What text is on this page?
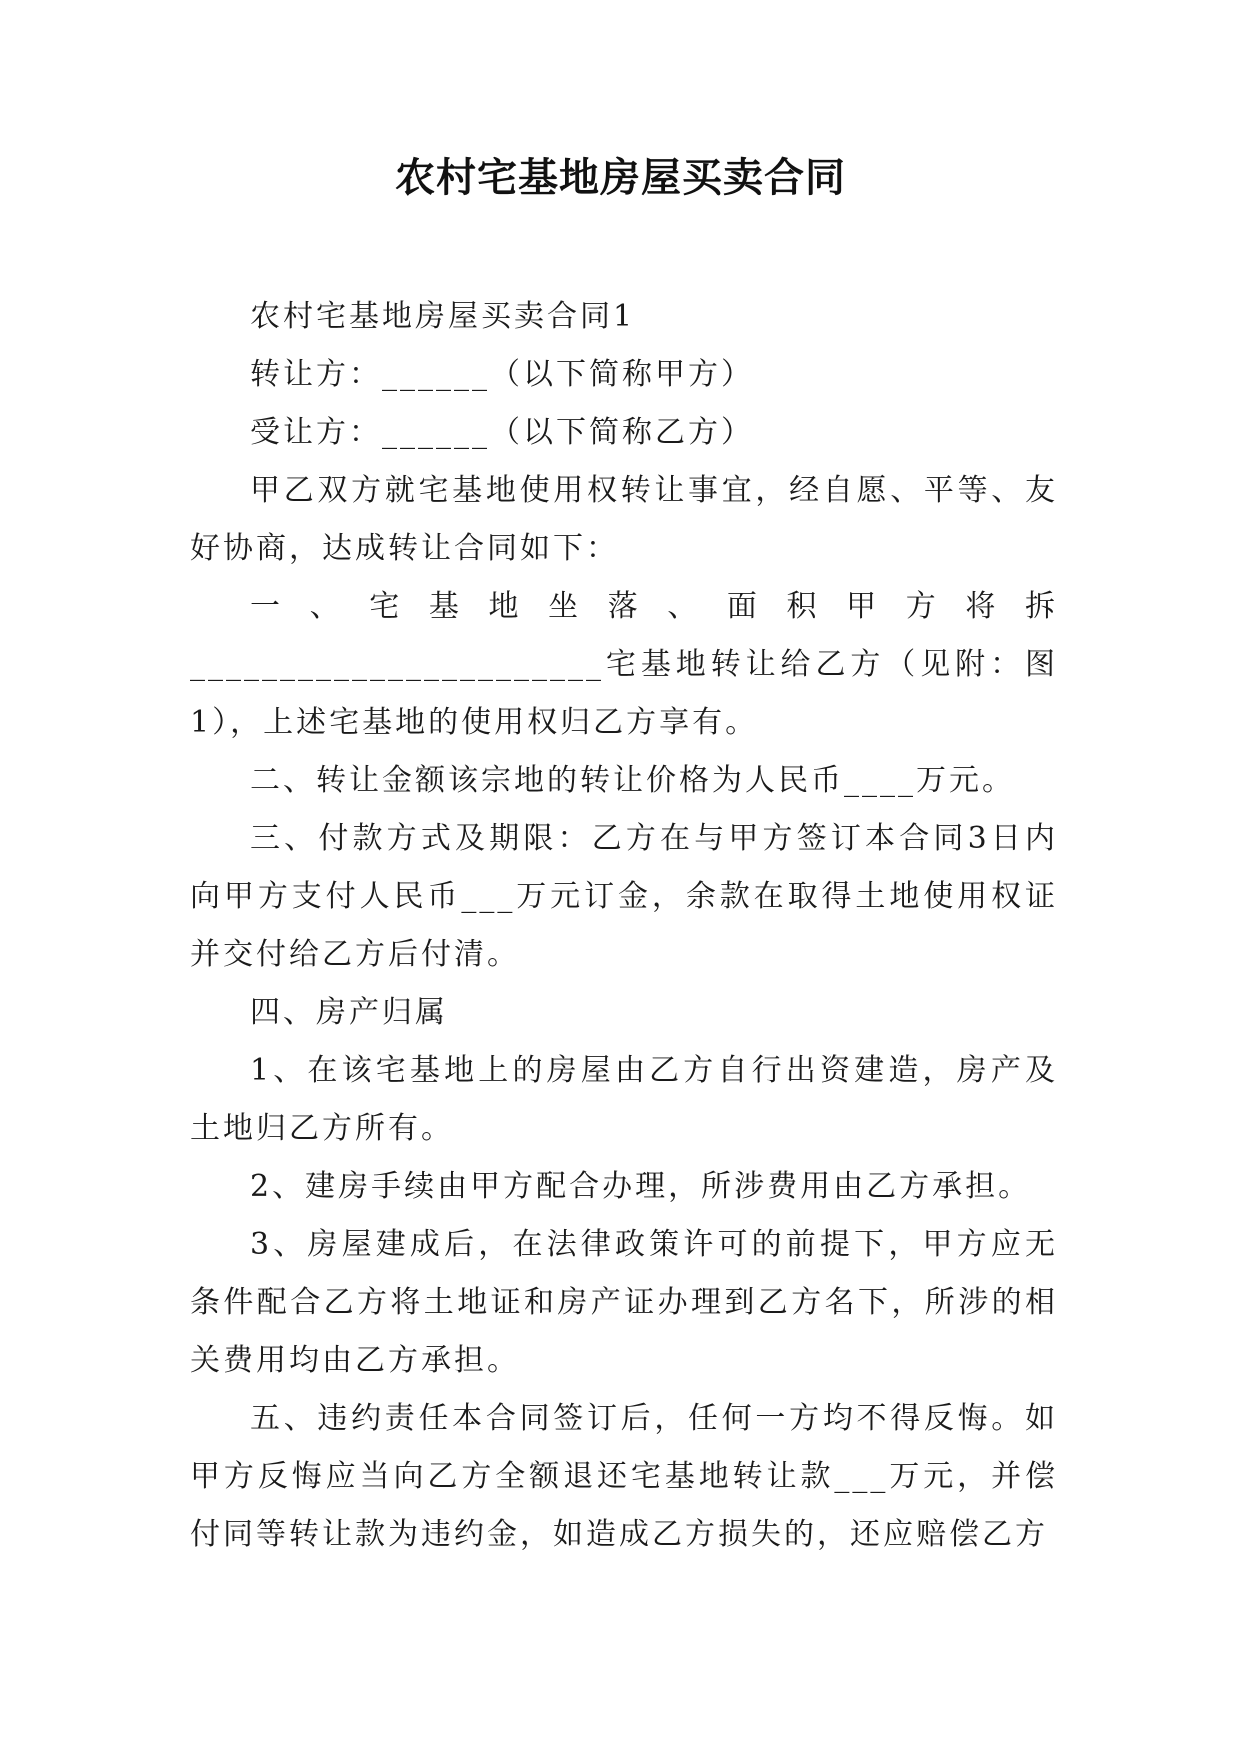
农村宅基地房屋买卖合同

农村宅基地房屋买卖合同1

转让方：______（以下简称甲方）

受让方：______（以下简称乙方）

甲乙双方就宅基地使用权转让事宜，经自愿、平等、友好协商，达成转让合同如下：

一、宅基地坐落、面积甲方将拆_______________________宅基地转让给乙方（见附：图1），上述宅基地的使用权归乙方享有。

二、转让金额该宗地的转让价格为人民币____万元。

三、付款方式及期限：乙方在与甲方签订本合同3日内向甲方支付人民币___万元订金，余款在取得土地使用权证并交付给乙方后付清。

四、房产归属

1、在该宅基地上的房屋由乙方自行出资建造，房产及土地归乙方所有。

2、建房手续由甲方配合办理，所涉费用由乙方承担。

3、房屋建成后，在法律政策许可的前提下，甲方应无条件配合乙方将土地证和房产证办理到乙方名下，所涉的相关费用均由乙方承担。

五、违约责任本合同签订后，任何一方均不得反悔。如甲方反悔应当向乙方全额退还宅基地转让款___万元，并偿付同等转让款为违约金，如造成乙方损失的，还应赔偿乙方
